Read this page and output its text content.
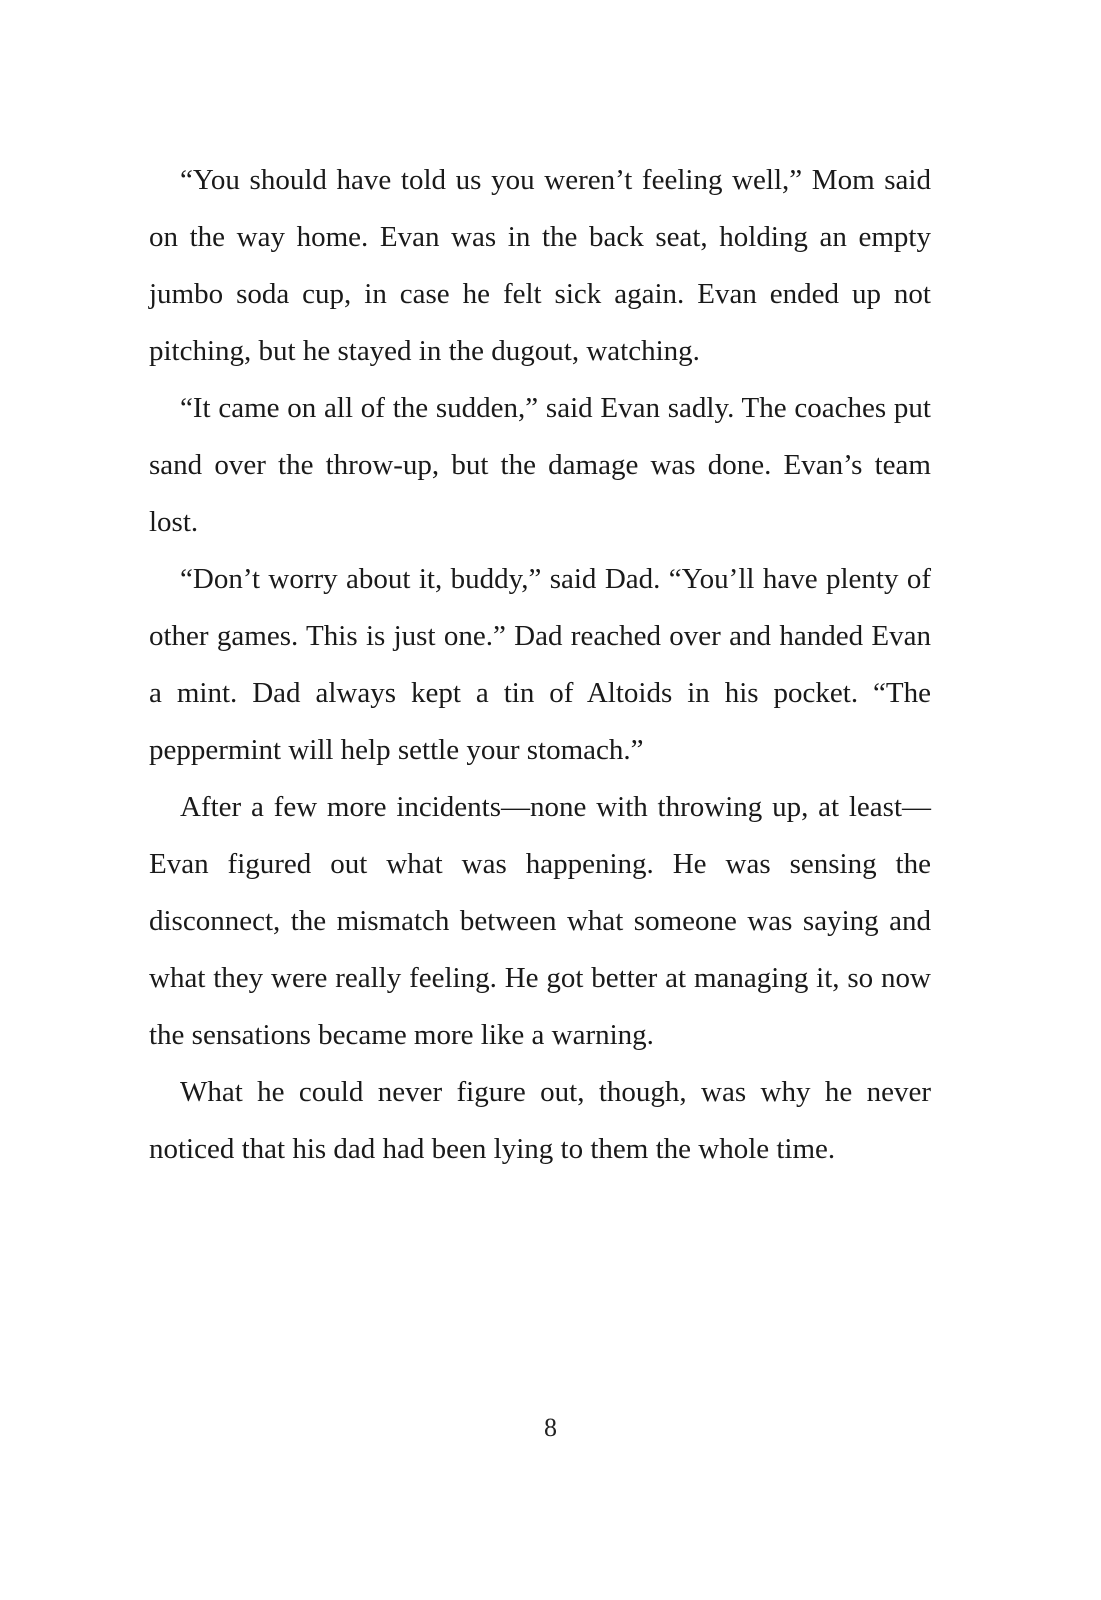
“You should have told us you weren’t feeling well,” Mom said on the way home. Evan was in the back seat, holding an empty jumbo soda cup, in case he felt sick again. Evan ended up not pitching, but he stayed in the dugout, watching.

“It came on all of the sudden,” said Evan sadly. The coaches put sand over the throw-up, but the damage was done. Evan’s team lost.

“Don’t worry about it, buddy,” said Dad. “You’ll have plenty of other games. This is just one.” Dad reached over and handed Evan a mint. Dad always kept a tin of Altoids in his pocket. “The peppermint will help settle your stomach.”

After a few more incidents—none with throwing up, at least—Evan figured out what was happening. He was sensing the disconnect, the mismatch between what someone was saying and what they were really feeling. He got better at managing it, so now the sensations became more like a warning.

What he could never figure out, though, was why he never noticed that his dad had been lying to them the whole time.

8
